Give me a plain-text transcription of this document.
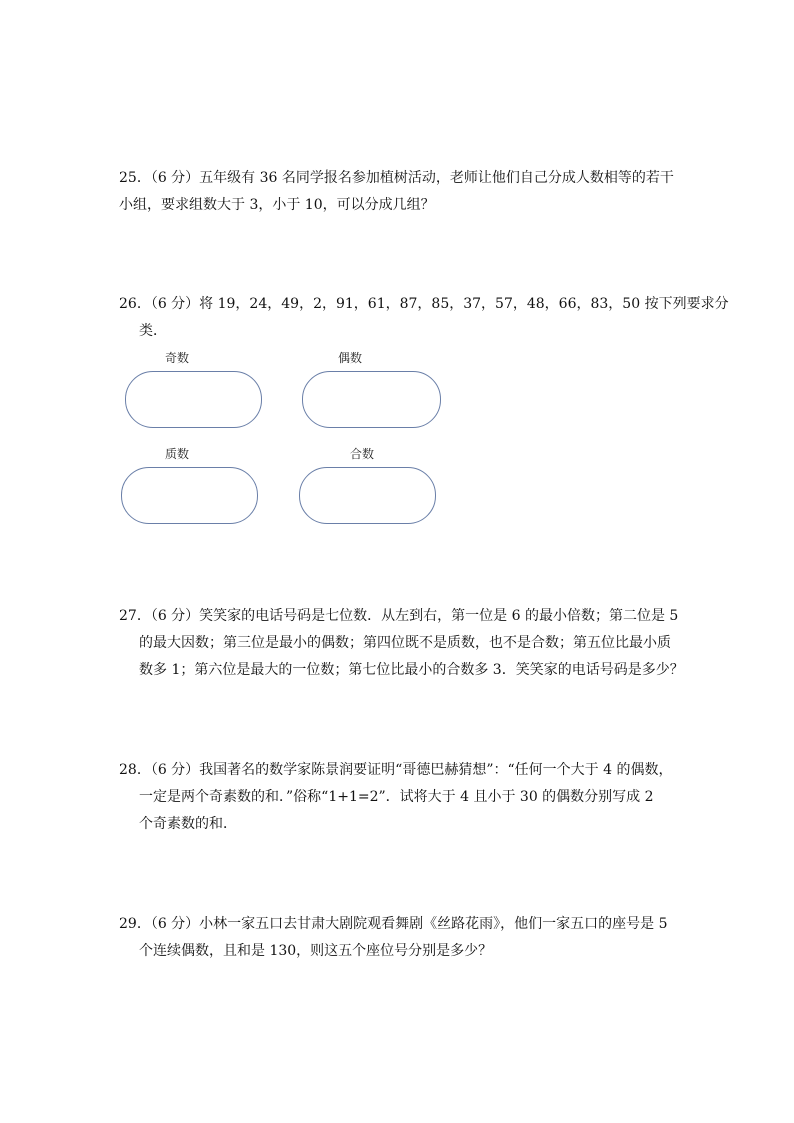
25．（6 分）五年级有 36 名同学报名参加植树活动，老师让他们自己分成人数相等的若干
小组，要求组数大于 3，小于 10，可以分成几组？
26．（6 分）将 19，24，49，2，91，61，87，85，37，57，48，66，83，50 按下列要求分
类．
奇数	偶数
质数	合数
27．（6 分）笑笑家的电话号码是七位数．从左到右，第一位是 6 的最小倍数；第二位是 5
的最大因数；第三位是最小的偶数；第四位既不是质数，也不是合数；第五位比最小质
数多 1；第六位是最大的一位数；第七位比最小的合数多 3．笑笑家的电话号码是多少？
28．（6 分）我国著名的数学家陈景润要证明“哥德巴赫猜想”：“任何一个大于 4 的偶数，
一定是两个奇素数的和．”俗称“1+1=2”．试将大于 4 且小于 30 的偶数分别写成 2
个奇素数的和．
29．（6 分）小林一家五口去甘肃大剧院观看舞剧《丝路花雨》，他们一家五口的座号是 5
个连续偶数，且和是 130，则这五个座位号分别是多少？
